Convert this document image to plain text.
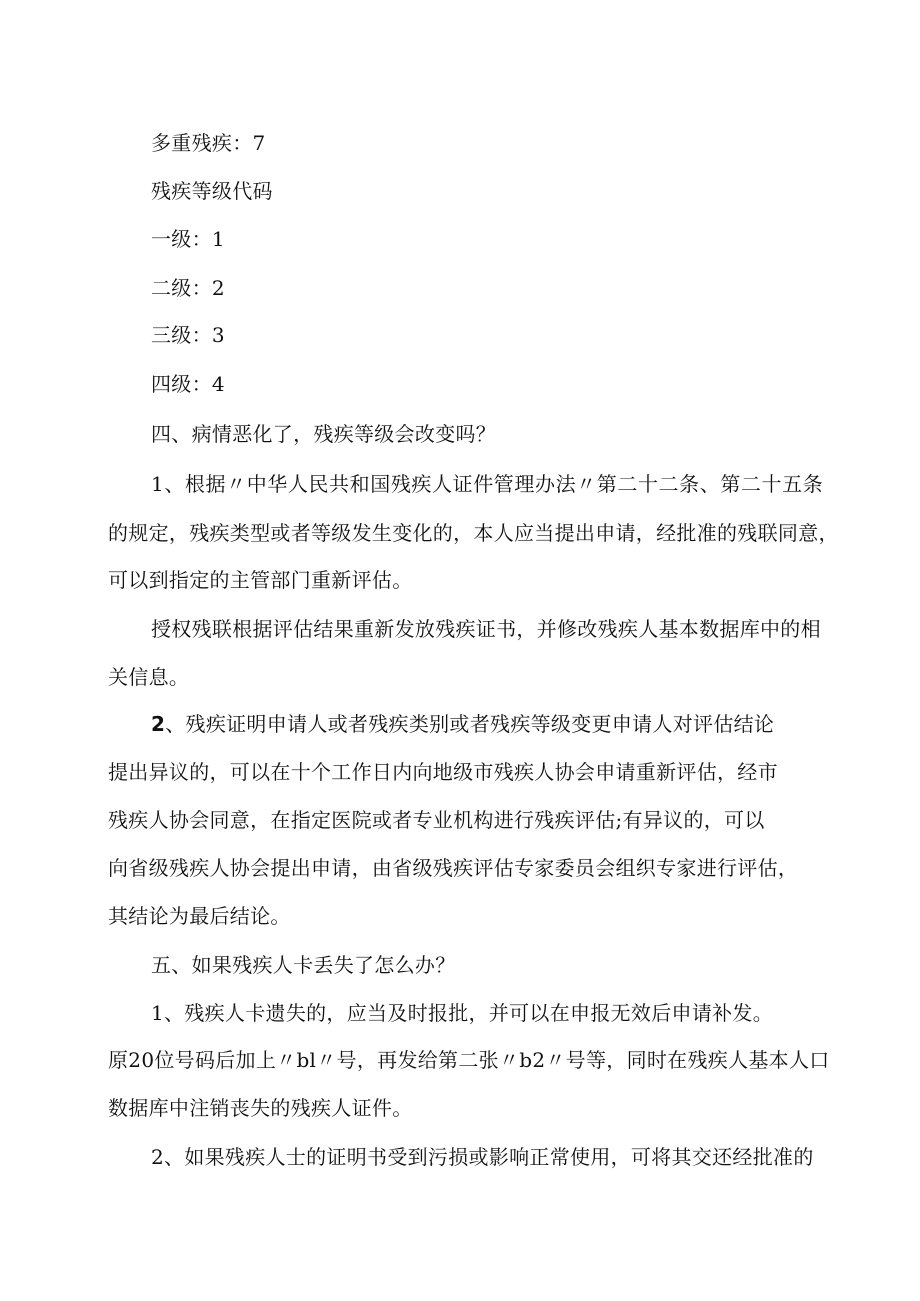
多重残疾：7
残疾等级代码
一级：1
二级：2
三级：3
四级：4
四、病情恶化了，残疾等级会改变吗？
1、根据〃中华人民共和国残疾人证件管理办法〃第二十二条、第二十五条
的规定，残疾类型或者等级发生变化的，本人应当提出申请，经批准的残联同意，
可以到指定的主管部门重新评估。
授权残联根据评估结果重新发放残疾证书，并修改残疾人基本数据库中的相
关信息。
2、残疾证明申请人或者残疾类别或者残疾等级变更申请人对评估结论
提出异议的，可以在十个工作日内向地级市残疾人协会申请重新评估，经市
残疾人协会同意，在指定医院或者专业机构进行残疾评估;有异议的，可以
向省级残疾人协会提出申请，由省级残疾评估专家委员会组织专家进行评估，
其结论为最后结论。
五、如果残疾人卡丢失了怎么办？
1、残疾人卡遗失的，应当及时报批，并可以在申报无效后申请补发。
原20位号码后加上〃bl〃号，再发给第二张〃b2〃号等，同时在残疾人基本人口
数据库中注销丧失的残疾人证件。
2、如果残疾人士的证明书受到污损或影响正常使用，可将其交还经批准的
